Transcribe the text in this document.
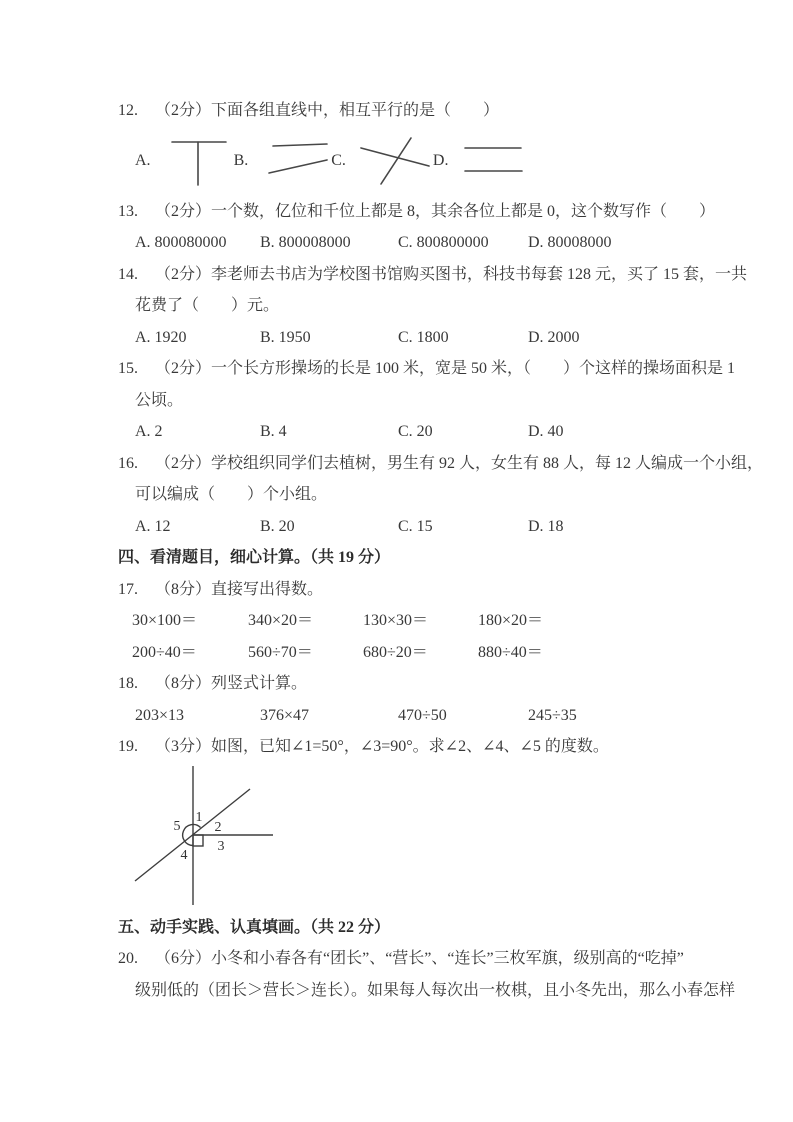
12. （2分）下面各组直线中，相互平行的是（　　）
A.	B.	C.	D.
13. （2分）一个数，亿位和千位上都是 8，其余各位上都是 0，这个数写作（　　）
A. 800080000	B. 800008000	C. 800800000	D. 80008000
14. （2分）李老师去书店为学校图书馆购买图书，科技书每套 128 元，买了 15 套，一共
花费了（　　）元。
A. 1920	B. 1950	C. 1800	D. 2000
15. （2分）一个长方形操场的长是 100 米，宽是 50 米，（　　）个这样的操场面积是 1
公顷。
A. 2	B. 4	C. 20	D. 40
16. （2分）学校组织同学们去植树，男生有 92 人，女生有 88 人，每 12 人编成一个小组，
可以编成（　　）个小组。
A. 12	B. 20	C. 15	D. 18
四、看清题目，细心计算。（共 19 分）
17. （8分）直接写出得数。
30×100＝	340×20＝	130×30＝	180×20＝
200÷40＝	560÷70＝	680÷20＝	880÷40＝
18. （8分）列竖式计算。
203×13	376×47	470÷50	245÷35
19. （3分）如图，已知∠1=50°，∠3=90°。求∠2、∠4、∠5 的度数。
1
2
3
4
5
五、动手实践、认真填画。（共 22 分）
20. （6分）小冬和小春各有“团长”、“营长”、“连长”三枚军旗，级别高的“吃掉”
级别低的（团长＞营长＞连长）。如果每人每次出一枚棋，且小冬先出，那么小春怎样
